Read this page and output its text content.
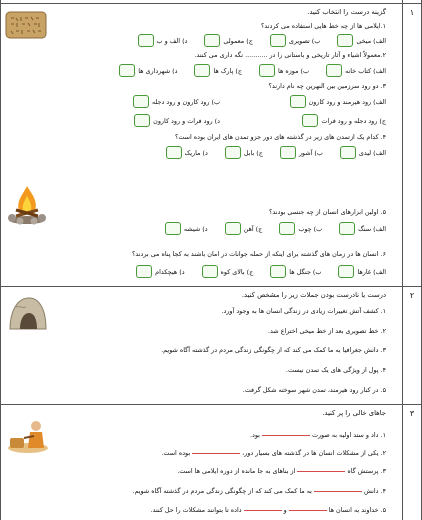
۱
۲
۳
گزینه درست را انتخاب کنید.
۱.ایلامی ها از چه خط هایی استفاده می کردند؟
الف) میخی
ب) تصویری
ج) معمولی
د) الف و ب
۲.معمولاً اشیاء و آثار تاریخی و باستانی را در ........... نگه داری می کنند.
الف) کتاب خانه
ب) موزه ها
ج) پارک ها
د) شهرداری ها
۳. دو رود سرزمین بین النهرین چه نام دارند؟
الف) رود هیرمند و رود کارون
ب) رود کارون و رود دجله
ج) رود دجله و رود فرات
د) رود فرات و رود کارون
۴. کدام یک ازتمدن های زیر در گذشته های دور جزو تمدن های ایران بوده است؟
الف) لیدی
ب) آشور
ج) بابل
د) ماریک
۵. اولین ابزارهای انسان از چه جنسی بودند؟
الف) سنگ
ب) چوب
ج) آهن
د) شیشه
۶. انسان ها در زمان های گذشته برای اینکه از حمله جوانات در امان باشند به کجا پناه می بردند؟
الف) غارها
ب) جنگل ها
ج) بالای کوه
د) هیچکدام
درست یا نادرست بودن جملات زیر را مشخص کنید.
۱. کشف آتش تغییرات زیادی در زندگی انسان ها به وجود آورد.
۲. خط تصویری بعد از خط میخی اختراع شد.
۳. دانش جغرافیا به ما کمک می کند که از چگونگی زندگی مردم در گذشته آگاه شویم.
۴. پول از ویژگی های یک تمدن نیست.
۵. در کنار رود هیرمند، تمدن شهر سوخته شکل گرفت.
جاهای خالی را پر کنید.
۱. داد و ستد اولیه به صورتبود.
۲. یکی از مشکلات انسان ها در گذشته های بسیار دور،بوده است.
۳. پرستش گاهاز بناهای به جا مانده از دوره ایلامی ها است.
۴. دانشبه ما کمک می کند که از چگونگی زندگی مردم در گذشته آگاه شویم.
۵. خداوند به انسان هاوداده تا بتوانند مشکلات را حل کنند.
